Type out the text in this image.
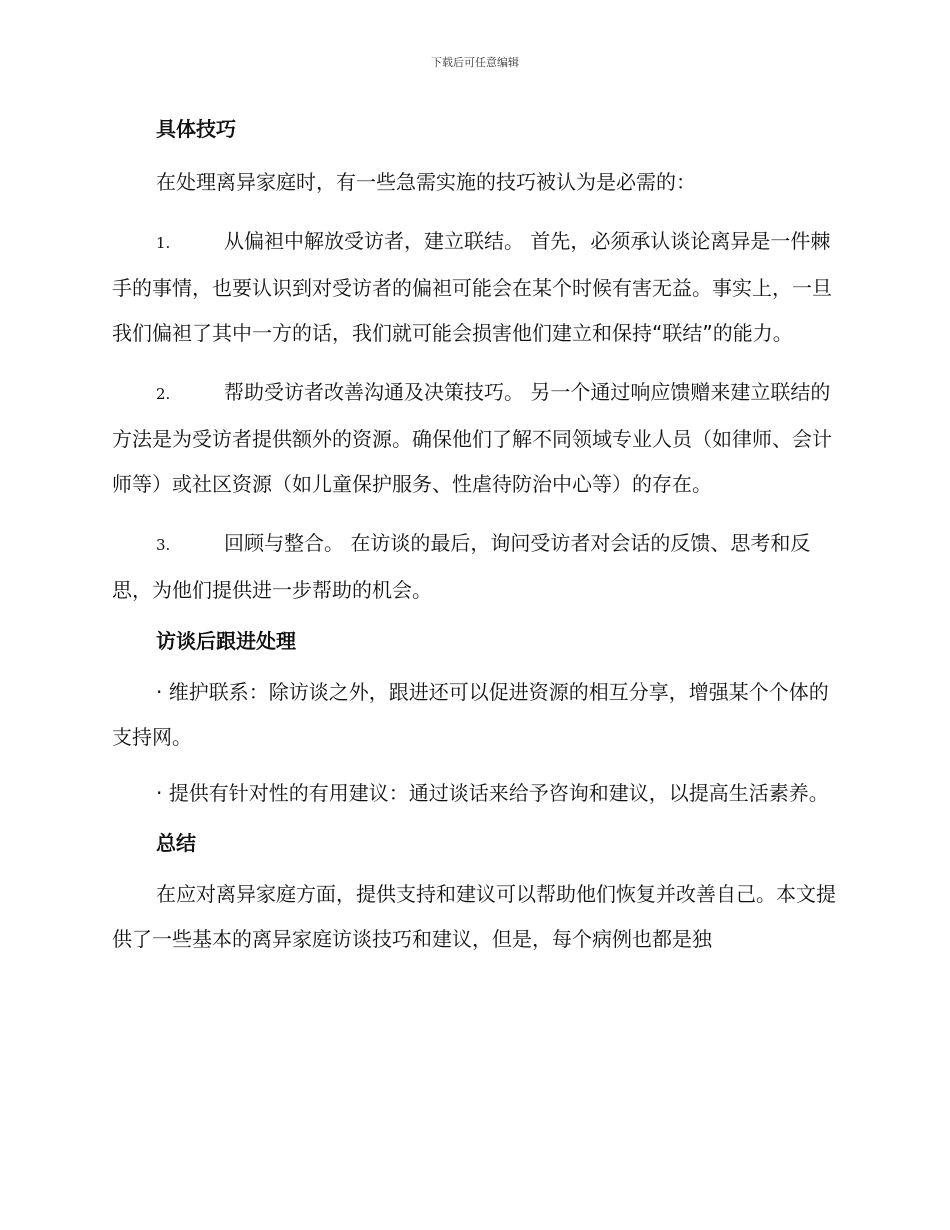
下载后可任意编辑
具体技巧

在处理离异家庭时，有一些急需实施的技巧被认为是必需的：

1.	从偏袒中解放受访者，建立联结。 首先，必须承认谈论离异是一件棘手的事情，也要认识到对受访者的偏袒可能会在某个时候有害无益。事实上，一旦我们偏袒了其中一方的话，我们就可能会损害他们建立和保持“联结”的能力。

2.	帮助受访者改善沟通及决策技巧。 另一个通过响应馈赠来建立联结的方法是为受访者提供额外的资源。确保他们了解不同领域专业人员（如律师、会计师等）或社区资源（如儿童保护服务、性虐待防治中心等）的存在。

3.	回顾与整合。 在访谈的最后，询问受访者对会话的反馈、思考和反思，为他们提供进一步帮助的机会。

访谈后跟进处理

· 维护联系：除访谈之外，跟进还可以促进资源的相互分享，增强某个个体的支持网。

· 提供有针对性的有用建议：通过谈话来给予咨询和建议，以提高生活素养。

总结

在应对离异家庭方面，提供支持和建议可以帮助他们恢复并改善自己。本文提供了一些基本的离异家庭访谈技巧和建议，但是，每个病例也都是独
